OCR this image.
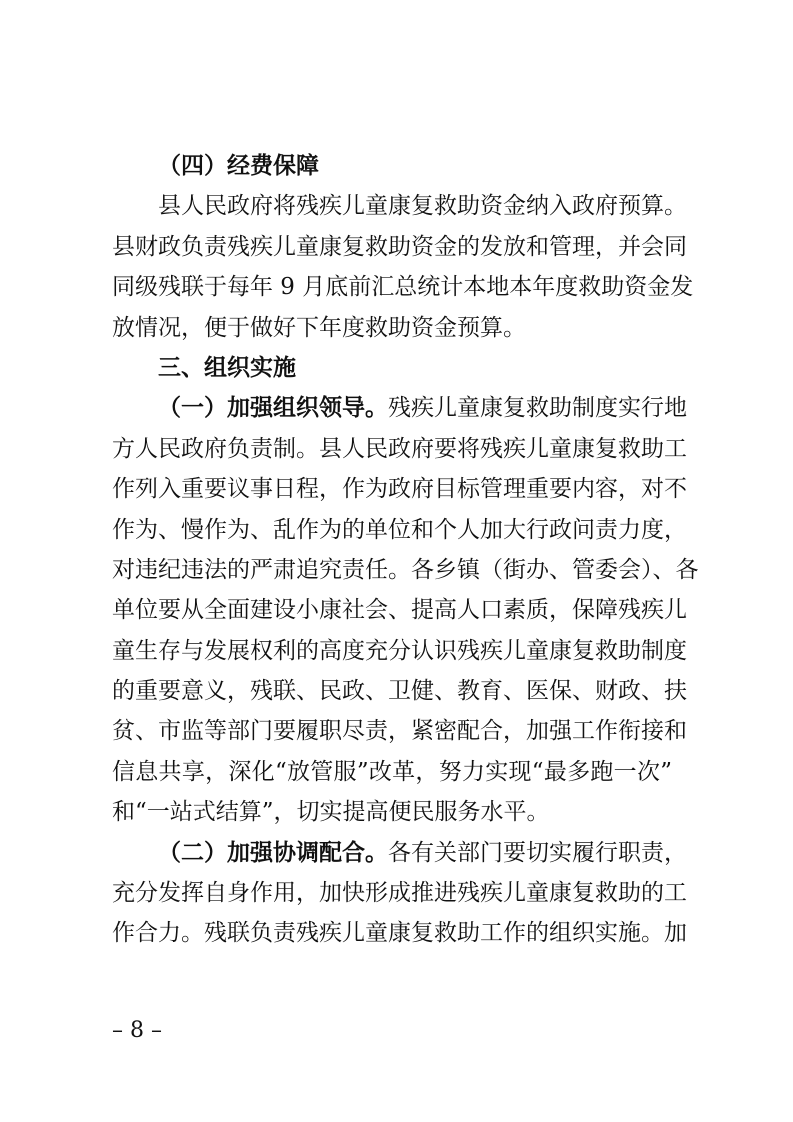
（四）经费保障
县人民政府将残疾儿童康复救助资金纳入政府预算。
县财政负责残疾儿童康复救助资金的发放和管理，并会同
同级残联于每年 9 月底前汇总统计本地本年度救助资金发
放情况，便于做好下年度救助资金预算。
三、组织实施
（一）加强组织领导。残疾儿童康复救助制度实行地
方人民政府负责制。县人民政府要将残疾儿童康复救助工
作列入重要议事日程，作为政府目标管理重要内容，对不
作为、慢作为、乱作为的单位和个人加大行政问责力度，
对违纪违法的严肃追究责任。各乡镇（街办、管委会）、各
单位要从全面建设小康社会、提高人口素质，保障残疾儿
童生存与发展权利的高度充分认识残疾儿童康复救助制度
的重要意义，残联、民政、卫健、教育、医保、财政、扶
贫、市监等部门要履职尽责，紧密配合，加强工作衔接和
信息共享，深化“放管服”改革，努力实现“最多跑一次”
和“一站式结算”，切实提高便民服务水平。
（二）加强协调配合。各有关部门要切实履行职责，
充分发挥自身作用，加快形成推进残疾儿童康复救助的工
作合力。残联负责残疾儿童康复救助工作的组织实施。加
– 8 –
